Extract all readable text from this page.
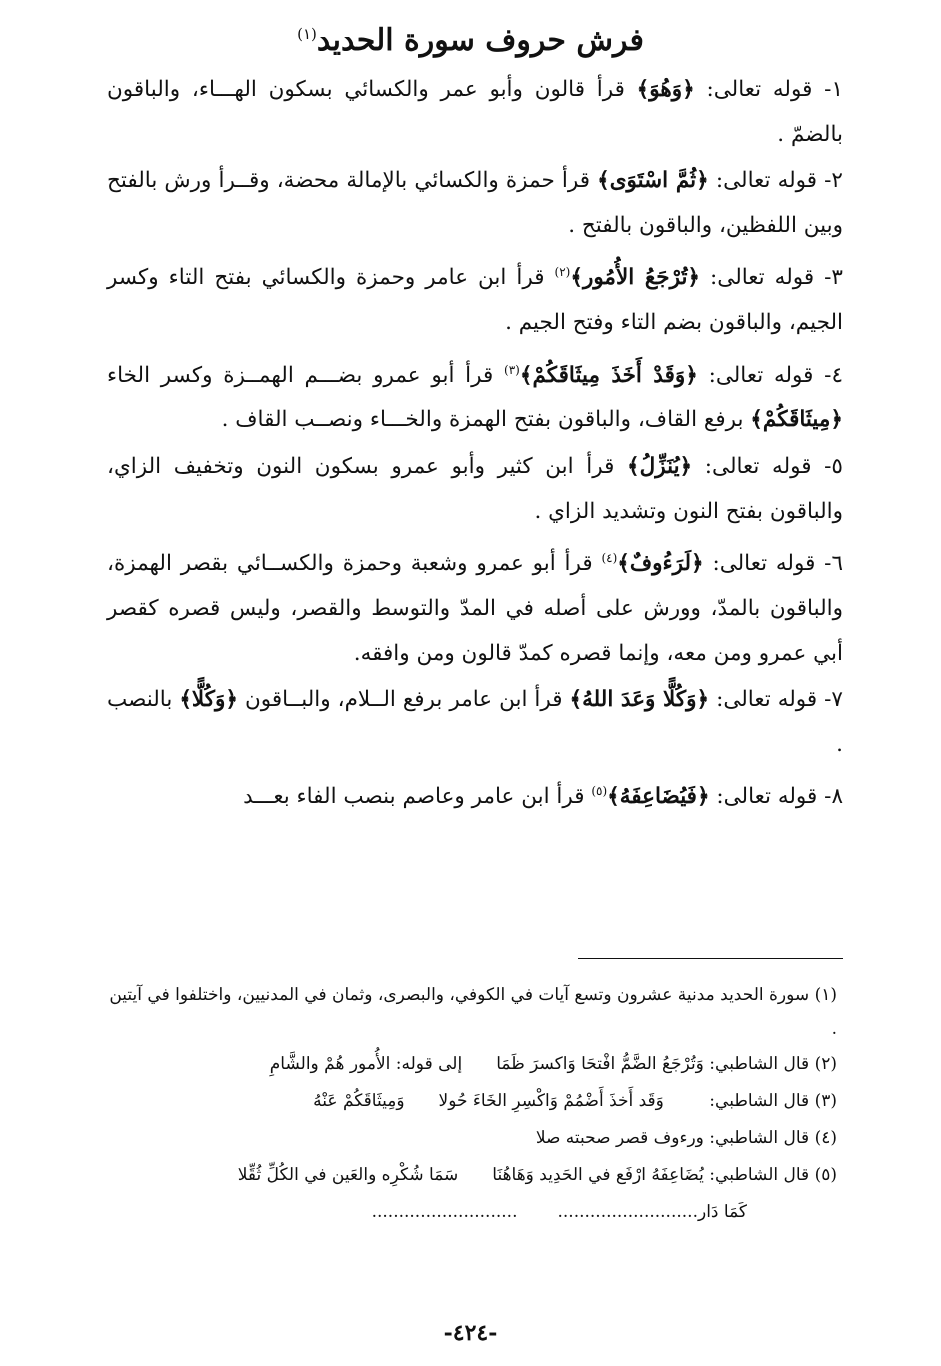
فرش حروف سورة الحديد$^{(١)}$

١- قوله تعالى: ﴿وَهُوَ﴾ قرأ قالون وأبو عمر والكسائي بسكون الهـــاء، والباقون بالضمّ .

٢- قوله تعالى: ﴿ثُمَّ اسْتَوَى﴾ قرأ حمزة والكسائي بالإمالة محضة، وقــرأ ورش بالفتح وبين اللفظين، والباقون بالفتح .

٣- قوله تعالى: ﴿تُرْجَعُ الأُمُور﴾$^{(٢)}$ قرأ ابن عامر وحمزة والكسائي بفتح التاء وكسر الجيم، والباقون بضم التاء وفتح الجيم .

٤- قوله تعالى: ﴿وَقَدْ أَخَذَ مِيثَاقَكُمْ﴾$^{(٣)}$ قرأ أبو عمرو بضـــم الهمــزة وكسر الخاء ﴿مِيثَاقَكُمْ﴾ برفع القاف، والباقون بفتح الهمزة والخـــاء ونصــب القاف .

٥- قوله تعالى: ﴿يُنَزِّلُ﴾ قرأ ابن كثير وأبو عمرو بسكون النون وتخفيف الزاي، والباقون بفتح النون وتشديد الزاي .

٦- قوله تعالى: ﴿لَرَءُوفٌ﴾$^{(٤)}$ قرأ أبو عمرو وشعبة وحمزة والكســائي بقصر الهمزة، والباقون بالمدّ، وورش على أصله في المدّ والتوسط والقصر، وليس قصره كقصر أبي عمرو ومن معه، وإنما قصره كمدّ قالون ومن وافقه.

٧- قوله تعالى: ﴿وَكُلًّا وَعَدَ اللهُ﴾ قرأ ابن عامر برفع الــلام، والبــاقون ﴿وَكُلًّا﴾ بالنصب .

٨- قوله تعالى: ﴿فَيُضَاعِفَهُ﴾$^{(٥)}$ قرأ ابن عامر وعاصم بنصب الفاء بعـــد

(١) سورة الحديد مدنية عشرون وتسع آيات في الكوفي، والبصرى، وثمان في المدنيين، واختلفوا في آيتين .
(٢) قال الشاطبي: وَتُرْجَعُ الضَّمُّ افْتحَا وَاكسرَ ظَمَاإلى قوله: الأُمور هُمْ والشَّامِ
(٣) قال الشاطبي: وَقَد أَخذَ أَضْمُمْ وَاكْسِرِ الخَاءَ حُولاوَمِيثَاقَكُمْ عَنْهُ
(٤) قال الشاطبي: ورءوف قصر صحبته صلا
(٥) قال الشاطبي: يُضَاعِفَهُ ارْفَع في الحَدِيد وَهَاهُنَاسَمَا شُكْرِه والعَين في الكُلِّ ثُقِّلا
كَمَا دَار.....................................................
-٤٢٤-
